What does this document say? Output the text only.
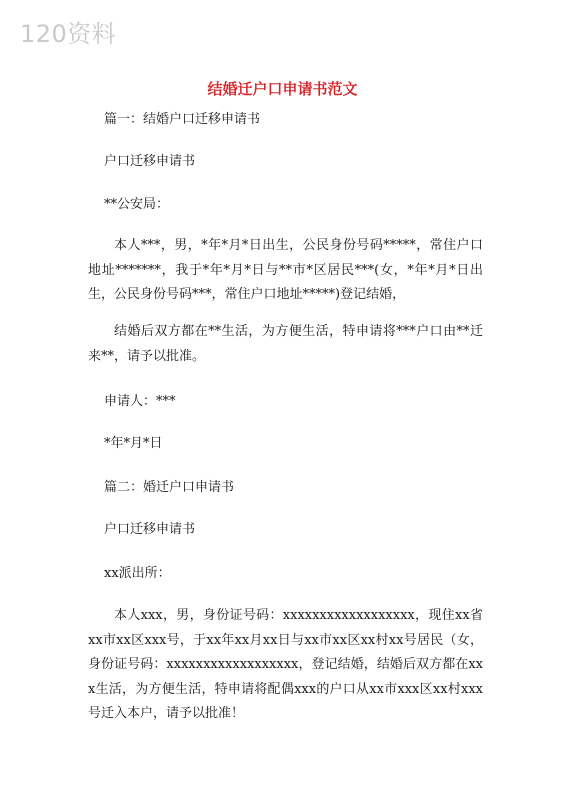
120资料
结婚迁户口申请书范文
篇一：结婚户口迁移申请书
户口迁移申请书
**公安局：
本人***，男，*年*月*日出生，公民身份号码*****，常住户口地址*******，我于*年*月*日与**市*区居民***(女，*年*月*日出生，公民身份号码***，常住户口地址*****)登记结婚，
结婚后双方都在**生活，为方便生活，特申请将***户口由**迁来**，请予以批准。
申请人：***
*年*月*日
篇二：婚迁户口申请书
户口迁移申请书
xx派出所：
本人xxx，男，身份证号码：xxxxxxxxxxxxxxxxxx，现住xx省xx市xx区xxx号，于xx年xx月xx日与xx市xx区xx村xx号居民（女，身份证号码：xxxxxxxxxxxxxxxxxx，登记结婚，结婚后双方都在xxx生活，为方便生活，特申请将配偶xxx的户口从xx市xxx区xx村xxx号迁入本户，请予以批准！
